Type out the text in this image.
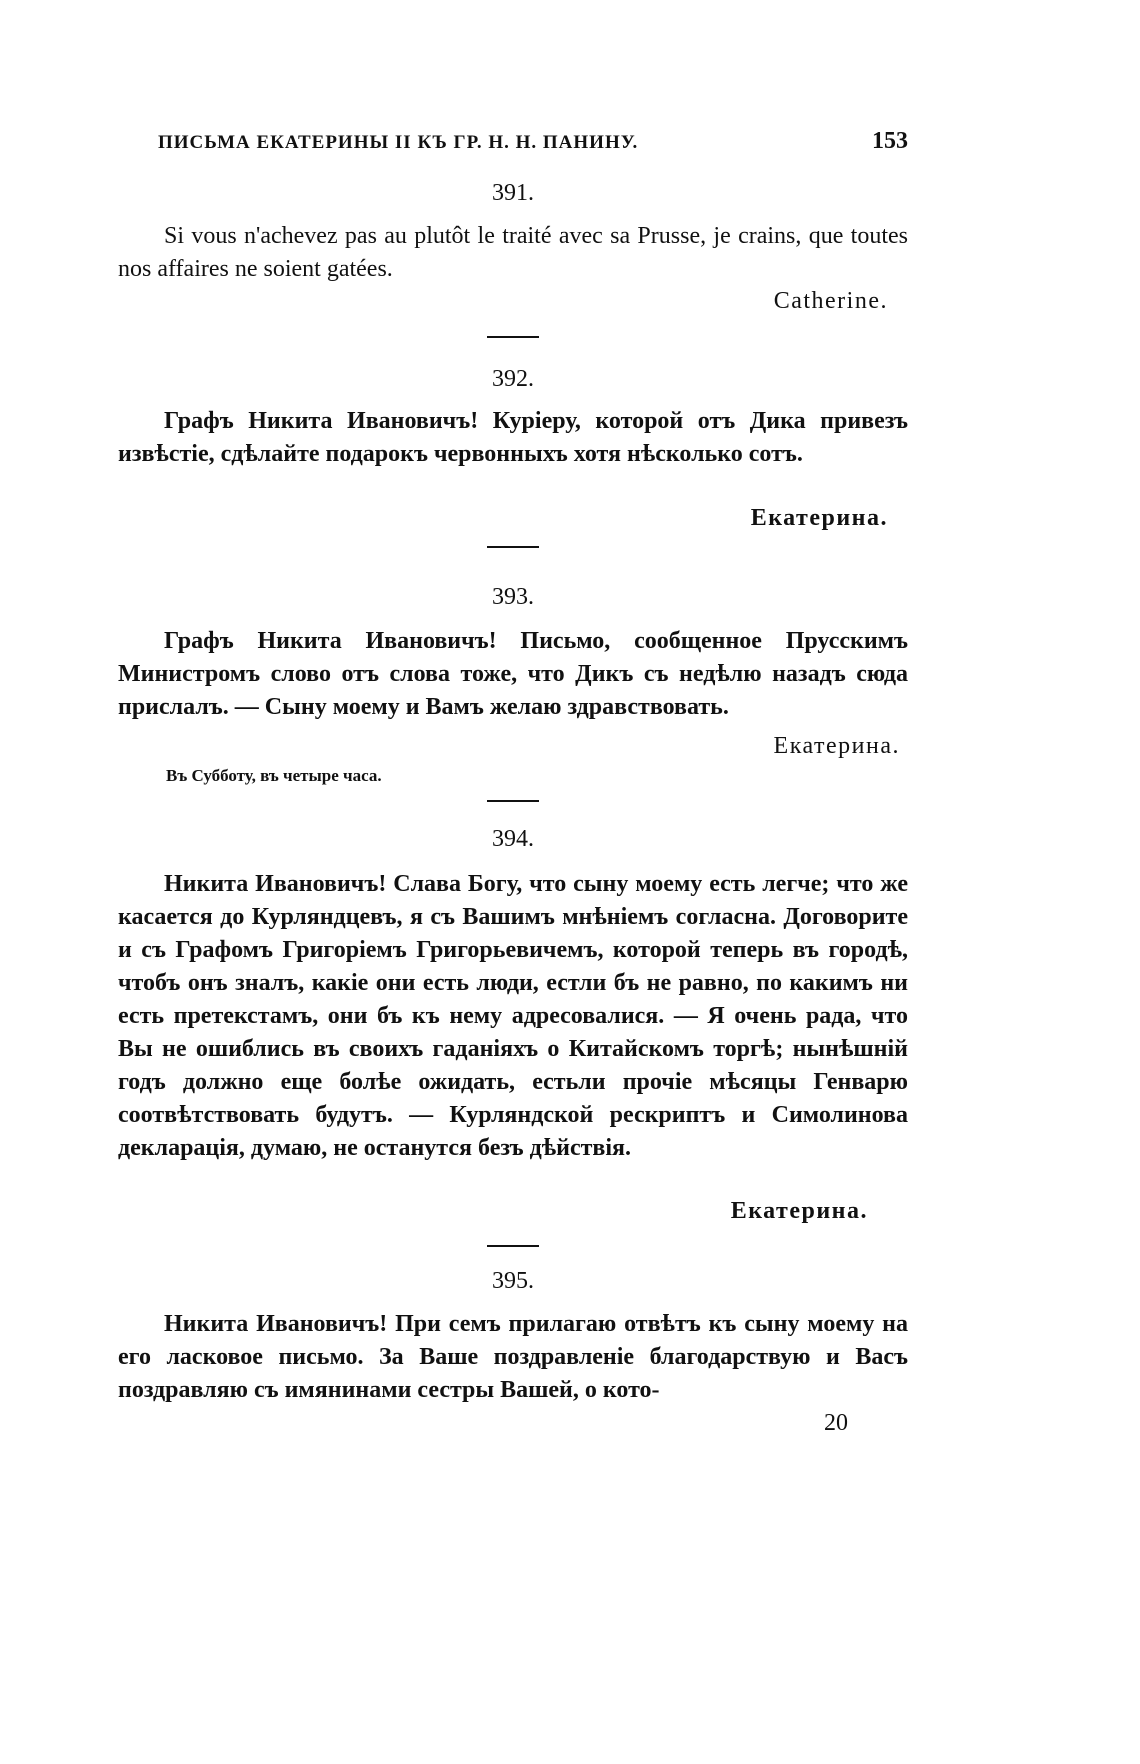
ПИСЬМА ЕКАТЕРИНЫ II КЪ ГР. Н. Н. ПАНИНУ.	153
391.
Si vous n'achevez pas au plutôt le traité avec sa Prusse, je crains, que toutes nos affaires ne soient gatées.
Catherine.
392.
Графъ Никита Ивановичъ! Курiеру, которой отъ Дика привезъ извѣстiе, сдѣлайте подарокъ червонныхъ хотя нѣсколько сотъ.
Екатерина.
393.
Графъ Никита Ивановичъ! Письмо, сообщенное Прусскимъ Министромъ слово отъ слова тоже, что Дикъ съ недѣлю назадъ сюда прислалъ. — Сыну моему и Вамъ желаю здравствовать.
Екатерина.
Въ Субботу, въ четыре часа.
394.
Никита Ивановичъ! Слава Богу, что сыну моему есть легче; что же касается до Курляндцевъ, я съ Вашимъ мнѣнiемъ согласна. Договорите и съ Графомъ Григорiемъ Григорьевичемъ, которой теперь въ городѣ, чтобъ онъ зналъ, какiе они есть люди, естли бъ не равно, по какимъ ни есть претекстамъ, они бъ къ нему адресовалися. — Я очень рада, что Вы не ошиблись въ своихъ гаданiяхъ о Китайскомъ торгѣ; нынѣшнiй годъ должно еще болѣе ожидать, естьли прочiе мѣсяцы Генварю соотвѣтствовать будутъ. — Курляндской рескриптъ и Симолинова декларацiя, думаю, не останутся безъ дѣйствiя.
Екатерина.
395.
Никита Ивановичъ! При семъ прилагаю отвѣтъ къ сыну моему на его ласковое письмо. За Ваше поздравленiе благодарствую и Васъ поздравляю съ имянинами сестры Вашей, о кото-
20
